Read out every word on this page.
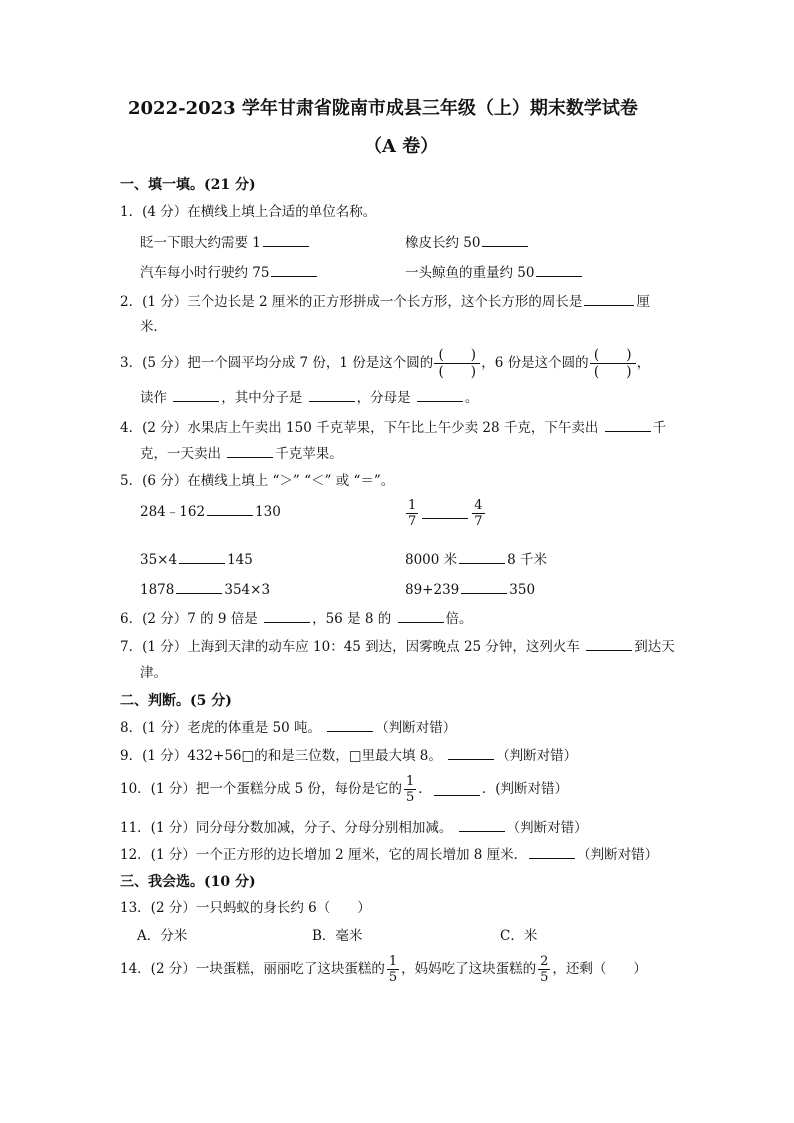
2022-2023 学年甘肃省陇南市成县三年级（上）期末数学试卷
（A 卷）
一、填一填。(21 分)
1．(4 分）在横线上填上合适的单位名称。
眨一下眼大约需要 1	橡皮长约 50
汽车每小时行驶约 75	一头鲸鱼的重量约 50
2．(1 分）三个边长是 2 厘米的正方形拼成一个长方形，这个长方形的周长是	厘
米．
3．(5 分）把一个圆平均分成 7 份，1 份是这个圆的
(   )
(   )
，6 份是这个圆的
(   )
(   )
，
读作	，其中分子是	，分母是	。
4．(2 分）水果店上午卖出 150 千克苹果，下午比上午少卖 28 千克，下午卖出	千
克，一天卖出	千克苹果。
5．(6 分）在横线上填上 “＞” “＜” 或 “＝”。
284﹣162	130	$\frac{1}{7}$	$\frac{4}{7}$
35×4	145	8000 米	8 千米
1878	354×3	89+239	350
6．(2 分）7 的 9 倍是	，56 是 8 的	倍。
7．(1 分）上海到天津的动车应 10：45 到达，因雾晚点 25 分钟，这列火车	到达天
津。
二、判断。(5 分)
8．(1 分）老虎的体重是 50 吨。	（判断对错）
9．(1 分）432+56□的和是三位数，□里最大填 8。	（判断对错）
10．(1 分）把一个蛋糕分成 5 份，每份是它的 $\frac{1}{5}$ ．	．(判断对错）
11．(1 分）同分母分数加减，分子、分母分别相加减。	（判断对错）
12．(1 分）一个正方形的边长增加 2 厘米，它的周长增加 8 厘米．	（判断对错）
三、我会选。(10 分)
13．(2 分）一只蚂蚁的身长约 6（　　）
A．分米	B．毫米	C．米
14．(2 分）一块蛋糕，丽丽吃了这块蛋糕的 $\frac{1}{5}$ ，妈妈吃了这块蛋糕的 $\frac{2}{5}$ ，还剩（　　）
